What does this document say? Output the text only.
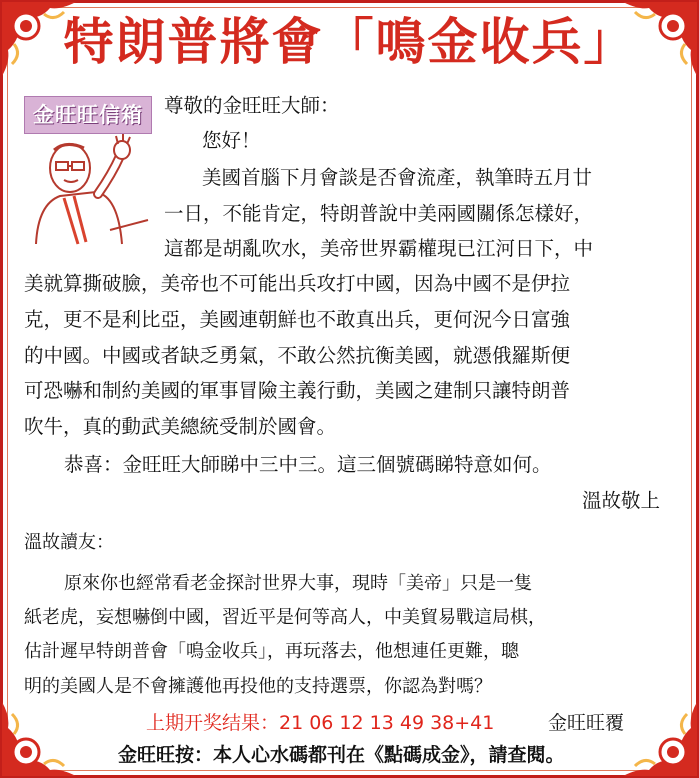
特朗普將會「鳴金收兵」
金旺旺信箱	尊敬的金旺旺大師：
您好！
美國首腦下月會談是否會流產，執筆時五月廿
一日，不能肯定，特朗普說中美兩國關係怎樣好，
這都是胡亂吹水，美帝世界霸權現已江河日下，中
美就算撕破臉，美帝也不可能出兵攻打中國，因為中國不是伊拉
克，更不是利比亞，美國連朝鮮也不敢真出兵，更何況今日富強
的中國。中國或者缺乏勇氣，不敢公然抗衡美國，就憑俄羅斯便
可恐嚇和制約美國的軍事冒險主義行動，美國之建制只讓特朗普
吹牛，真的動武美總統受制於國會。
恭喜：金旺旺大師睇中三中三。這三個號碼睇特意如何。
溫故敬上
溫故讀友：
原來你也經常看老金探討世界大事，現時「美帝」只是一隻
紙老虎，妄想嚇倒中國，習近平是何等高人，中美貿易戰這局棋，
估計遲早特朗普會「鳴金收兵」，再玩落去，他想連任更難，聰
明的美國人是不會擁護他再投他的支持選票，你認為對嗎？
上期开奖结果：21 06 12 13 49 38+41	金旺旺覆
金旺旺按：本人心水碼都刊在《點碼成金》，請查閱。
